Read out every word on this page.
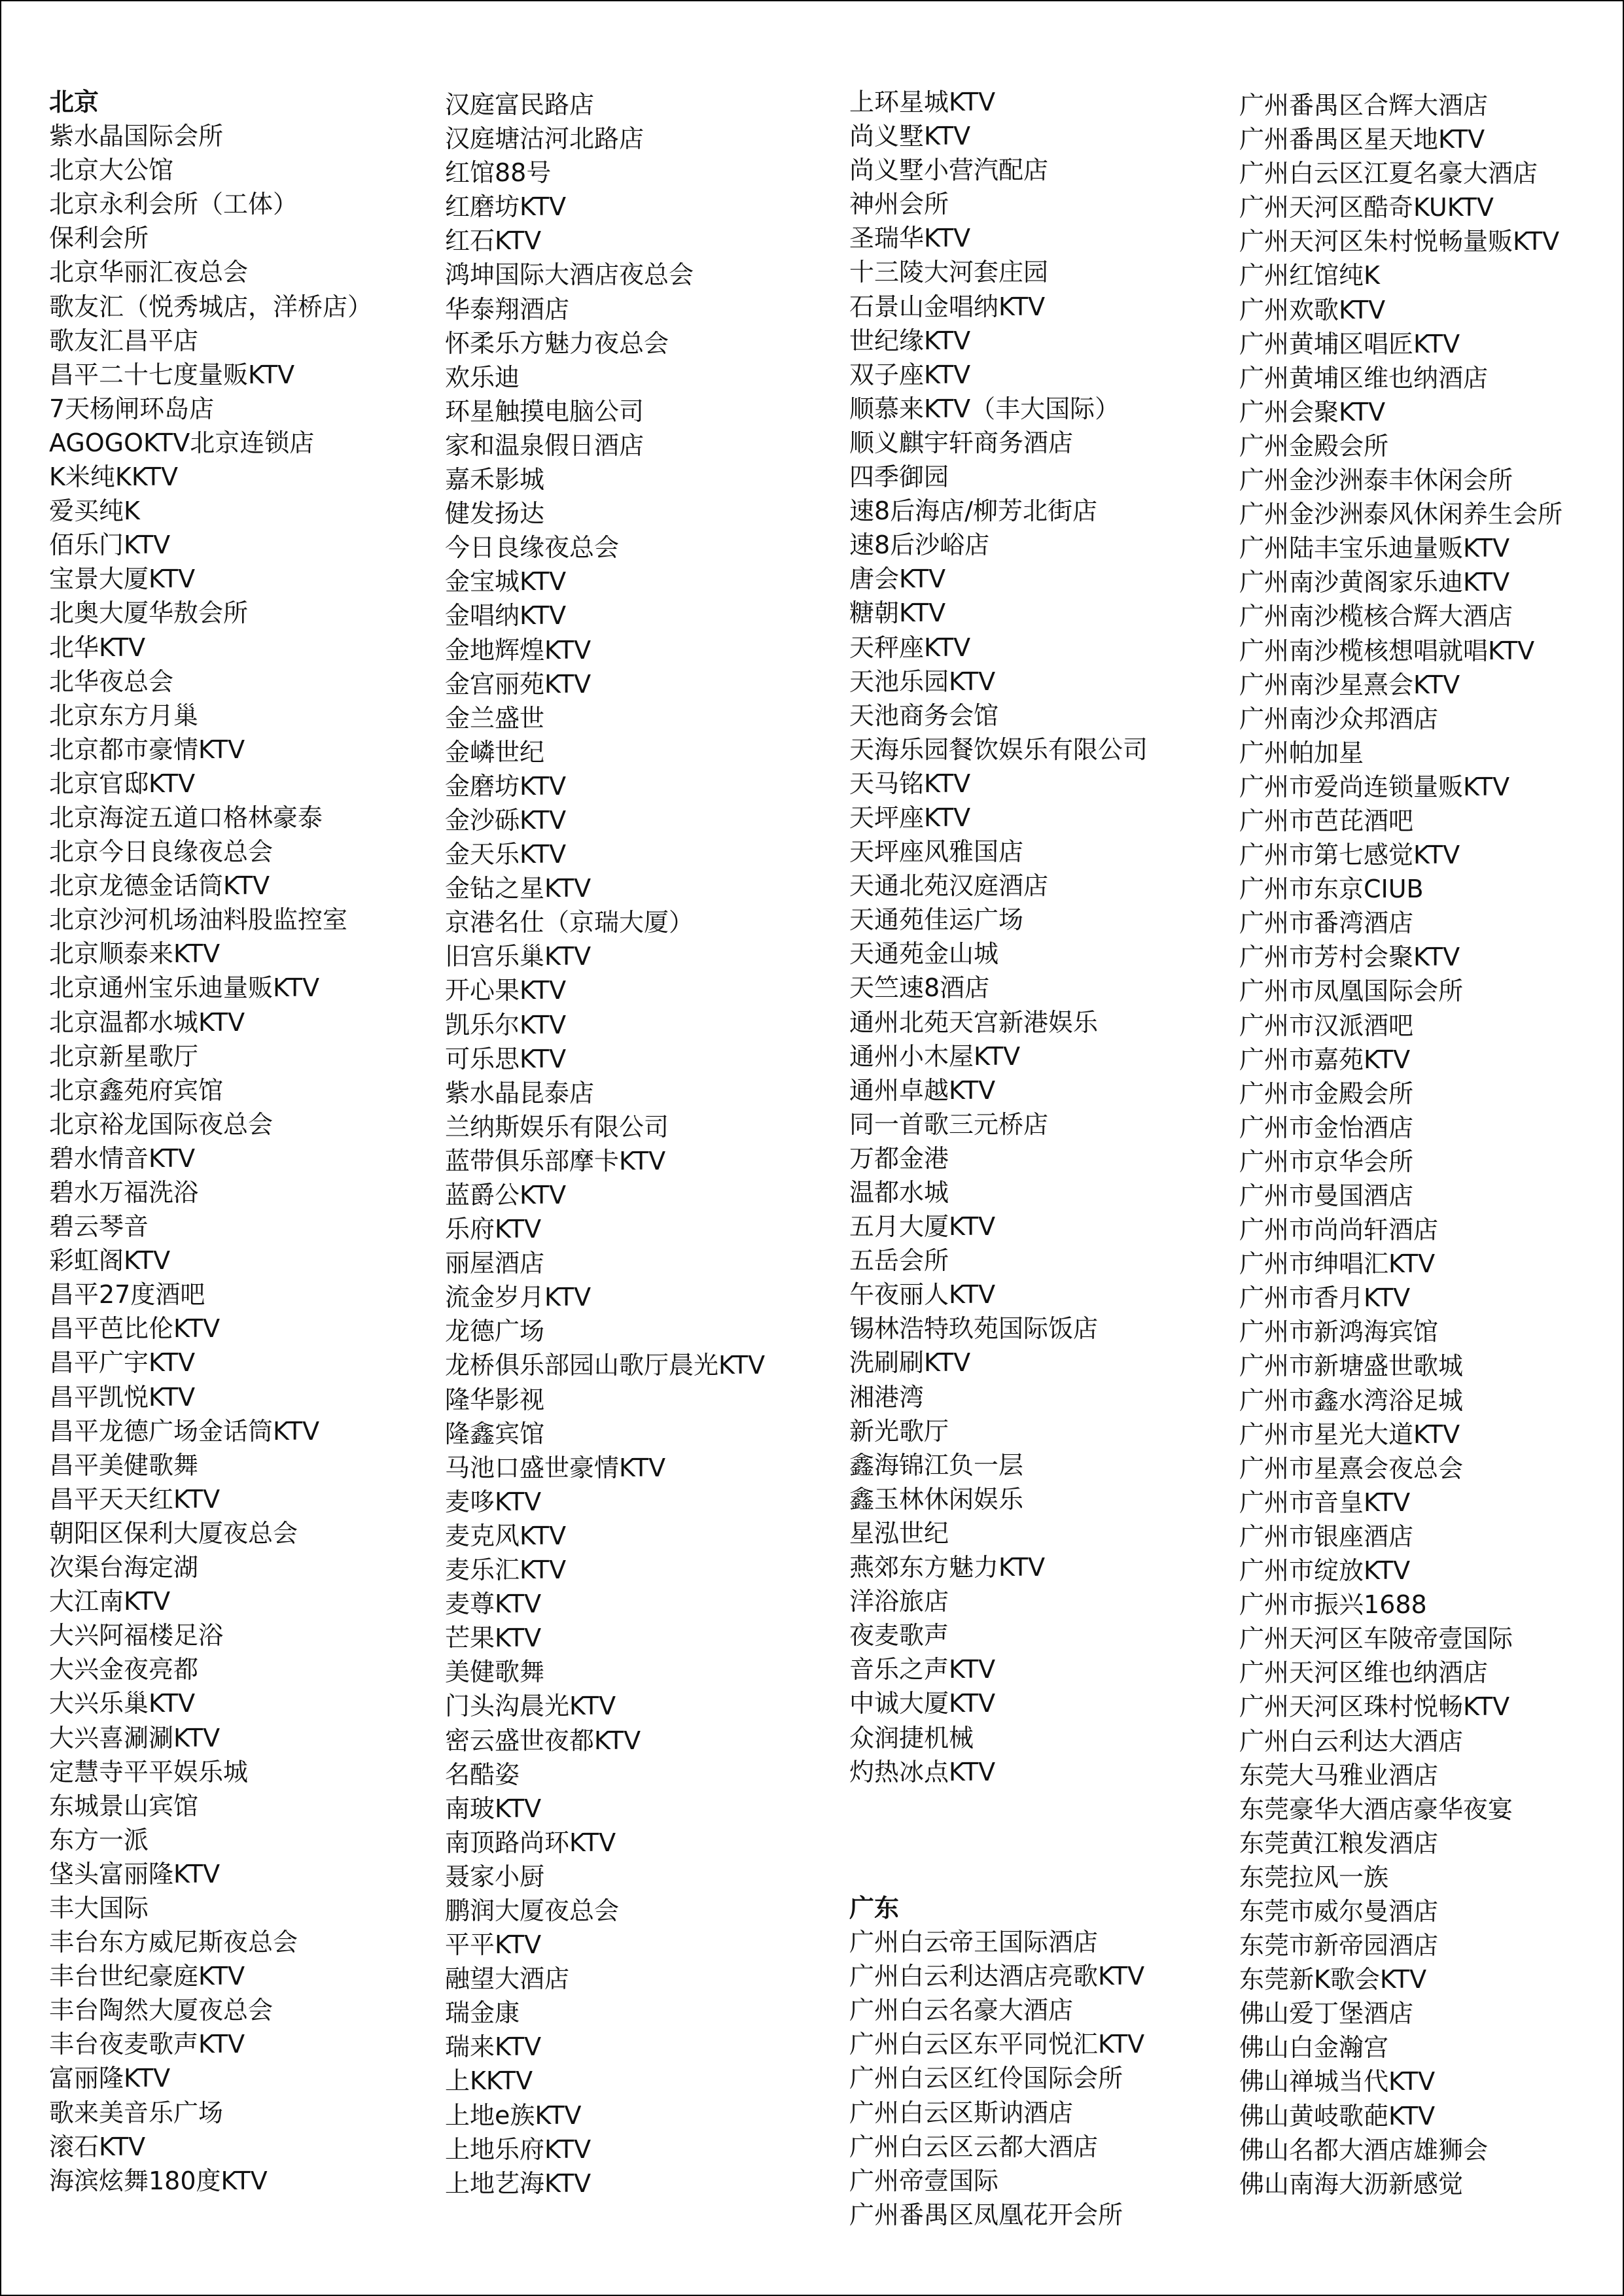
北京
紫水晶国际会所
北京大公馆
北京永利会所（工体）
保利会所
北京华丽汇夜总会
歌友汇（悦秀城店，洋桥店）
歌友汇昌平店
昌平二十七度量贩KTV
7天杨闸环岛店
AGOGOKTV北京连锁店
K米纯KKTV
爱买纯K
佰乐门KTV
宝景大厦KTV
北奥大厦华敖会所
北华KTV
北华夜总会
北京东方月巢
北京都市豪情KTV
北京官邸KTV
北京海淀五道口格林豪泰
北京今日良缘夜总会
北京龙德金话筒KTV
北京沙河机场油料股监控室
北京顺泰来KTV
北京通州宝乐迪量贩KTV
北京温都水城KTV
北京新星歌厅
北京鑫苑府宾馆
北京裕龙国际夜总会
碧水情音KTV
碧水万福洗浴
碧云琴音
彩虹阁KTV
昌平27度酒吧
昌平芭比伦KTV
昌平广宇KTV
昌平凯悦KTV
昌平龙德广场金话筒KTV
昌平美健歌舞
昌平天天红KTV
朝阳区保利大厦夜总会
次渠台海定湖
大江南KTV
大兴阿福楼足浴
大兴金夜亮都
大兴乐巢KTV
大兴喜涮涮KTV
定慧寺平平娱乐城
东城景山宾馆
东方一派
垡头富丽隆KTV
丰大国际
丰台东方威尼斯夜总会
丰台世纪豪庭KTV
丰台陶然大厦夜总会
丰台夜麦歌声KTV
富丽隆KTV
歌来美音乐广场
滚石KTV
海滨炫舞180度KTV
汉庭富民路店
汉庭塘沽河北路店
红馆88号
红磨坊KTV
红石KTV
鸿坤国际大酒店夜总会
华泰翔酒店
怀柔乐方魅力夜总会
欢乐迪
环星触摸电脑公司
家和温泉假日酒店
嘉禾影城
健发扬达
今日良缘夜总会
金宝城KTV
金唱纳KTV
金地辉煌KTV
金宫丽苑KTV
金兰盛世
金嶙世纪
金磨坊KTV
金沙砾KTV
金天乐KTV
金钻之星KTV
京港名仕（京瑞大厦）
旧宫乐巢KTV
开心果KTV
凯乐尔KTV
可乐思KTV
紫水晶昆泰店
兰纳斯娱乐有限公司
蓝带俱乐部摩卡KTV
蓝爵公KTV
乐府KTV
丽屋酒店
流金岁月KTV
龙德广场
龙桥俱乐部园山歌厅晨光KTV
隆华影视
隆鑫宾馆
马池口盛世豪情KTV
麦哆KTV
麦克风KTV
麦乐汇KTV
麦尊KTV
芒果KTV
美健歌舞
门头沟晨光KTV
密云盛世夜都KTV
名酷姿
南玻KTV
南顶路尚环KTV
聂家小厨
鹏润大厦夜总会
平平KTV
融望大酒店
瑞金康
瑞来KTV
上KKTV
上地e族KTV
上地乐府KTV
上地艺海KTV
上环星城KTV
尚义墅KTV
尚义墅小营汽配店
神州会所
圣瑞华KTV
十三陵大河套庄园
石景山金唱纳KTV
世纪缘KTV
双子座KTV
顺慕来KTV（丰大国际）
顺义麒宇轩商务酒店
四季御园
速8后海店/柳芳北街店
速8后沙峪店
唐会KTV
糖朝KTV
天秤座KTV
天池乐园KTV
天池商务会馆
天海乐园餐饮娱乐有限公司
天马铭KTV
天坪座KTV
天坪座风雅国店
天通北苑汉庭酒店
天通苑佳运广场
天通苑金山城
天竺速8酒店
通州北苑天宫新港娱乐
通州小木屋KTV
通州卓越KTV
同一首歌三元桥店
万都金港
温都水城
五月大厦KTV
五岳会所
午夜丽人KTV
锡林浩特玖苑国际饭店
洗刷刷KTV
湘港湾
新光歌厅
鑫海锦江负一层
鑫玉林休闲娱乐
星泓世纪
燕郊东方魅力KTV
洋浴旅店
夜麦歌声
音乐之声KTV
中诚大厦KTV
众润捷机械
灼热冰点KTV
广东
广州白云帝王国际酒店
广州白云利达酒店亮歌KTV
广州白云名豪大酒店
广州白云区东平同悦汇KTV
广州白云区红伶国际会所
广州白云区斯讷酒店
广州白云区云都大酒店
广州帝壹国际
广州番禺区凤凰花开会所
广州番禺区合辉大酒店
广州番禺区星天地KTV
广州白云区江夏名豪大酒店
广州天河区酷奇KUKTV
广州天河区朱村悦畅量贩KTV
广州红馆纯K
广州欢歌KTV
广州黄埔区唱匠KTV
广州黄埔区维也纳酒店
广州会聚KTV
广州金殿会所
广州金沙洲泰丰休闲会所
广州金沙洲泰风休闲养生会所
广州陆丰宝乐迪量贩KTV
广州南沙黄阁家乐迪KTV
广州南沙榄核合辉大酒店
广州南沙榄核想唱就唱KTV
广州南沙星熹会KTV
广州南沙众邦酒店
广州帕加星
广州市爱尚连锁量贩KTV
广州市芭芘酒吧
广州市第七感觉KTV
广州市东京CIUB
广州市番湾酒店
广州市芳村会聚KTV
广州市凤凰国际会所
广州市汉派酒吧
广州市嘉苑KTV
广州市金殿会所
广州市金怡酒店
广州市京华会所
广州市曼国酒店
广州市尚尚轩酒店
广州市绅唱汇KTV
广州市香月KTV
广州市新鸿海宾馆
广州市新塘盛世歌城
广州市鑫水湾浴足城
广州市星光大道KTV
广州市星熹会夜总会
广州市音皇KTV
广州市银座酒店
广州市绽放KTV
广州市振兴1688
广州天河区车陂帝壹国际
广州天河区维也纳酒店
广州天河区珠村悦畅KTV
广州白云利达大酒店
东莞大马雅业酒店
东莞豪华大酒店豪华夜宴
东莞黄江粮发酒店
东莞拉风一族
东莞市威尔曼酒店
东莞市新帝园酒店
东莞新K歌会KTV
佛山爱丁堡酒店
佛山白金瀚宫
佛山禅城当代KTV
佛山黄岐歌葩KTV
佛山名都大酒店雄狮会
佛山南海大沥新感觉
